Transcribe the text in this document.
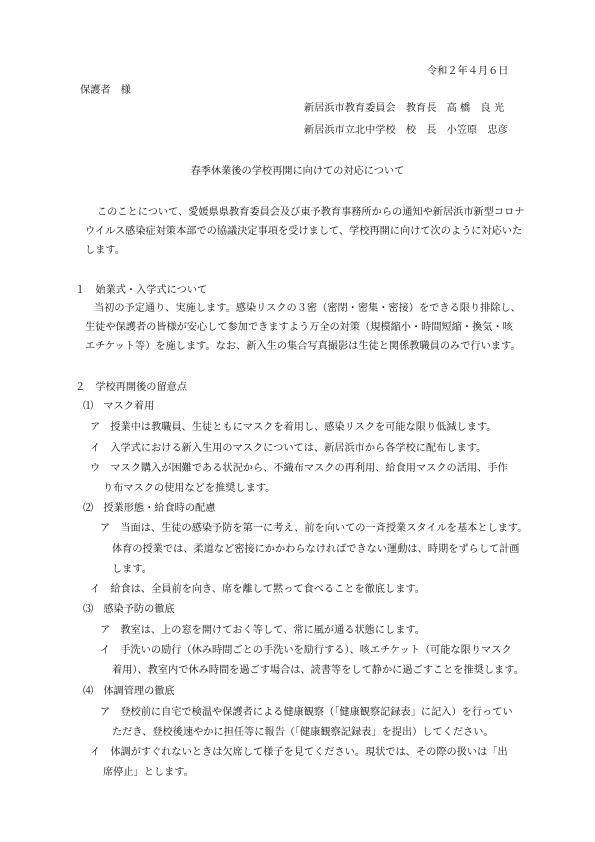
令和２年４月６日
保護者　様
新居浜市教育委員会　教育長　高 橋　良 光
新居浜市立北中学校　校　長　小笠原　忠彦
春季休業後の学校再開に向けての対応について
このことについて、愛媛県県教育委員会及び東予教育事務所からの通知や新居浜市新型コロナ
ウイルス感染症対策本部での協議決定事項を受けまして、学校再開に向けて次のように対応いた
します。
１　始業式・入学式について
当初の予定通り、実施します。感染リスクの３密（密閉・密集・密接）をできる限り排除し、
生徒や保護者の皆様が安心して参加できますよう万全の対策（規模縮小・時間短縮・換気・咳
エチケット等）を施します。なお、新入生の集合写真撮影は生徒と関係教職員のみで行います。
２　学校再開後の留意点
⑴　マスク着用
ア　授業中は教職員、生徒ともにマスクを着用し、感染リスクを可能な限り低減します。
イ　入学式における新入生用のマスクについては、新居浜市から各学校に配布します。
ウ　マスク購入が困難である状況から、不織布マスクの再利用、給食用マスクの活用、手作
り布マスクの使用などを推奨します。
⑵　授業形態・給食時の配慮
ア　当面は、生徒の感染予防を第一に考え、前を向いての一斉授業スタイルを基本とします。
体育の授業では、柔道など密接にかかわらなければできない運動は、時期をずらして計画
します。
イ　給食は、全員前を向き、席を離して黙って食べることを徹底します。
⑶　感染予防の徹底
ア　教室は、上の窓を開けておく等して、常に風が通る状態にします。
イ　手洗いの励行（休み時間ごとの手洗いを励行する）、咳エチケット（可能な限りマスク
着用）、教室内で休み時間を過ごす場合は、読書等をして静かに過ごすことを推奨します。
⑷　体調管理の徹底
ア　登校前に自宅で検温や保護者による健康観察（「健康観察記録表」に記入）を行ってい
ただき、登校後速やかに担任等に報告（「健康観察記録表」を提出）してください。
イ　体調がすぐれないときは欠席して様子を見てください。現状では、その際の扱いは「出
席停止」とします。
